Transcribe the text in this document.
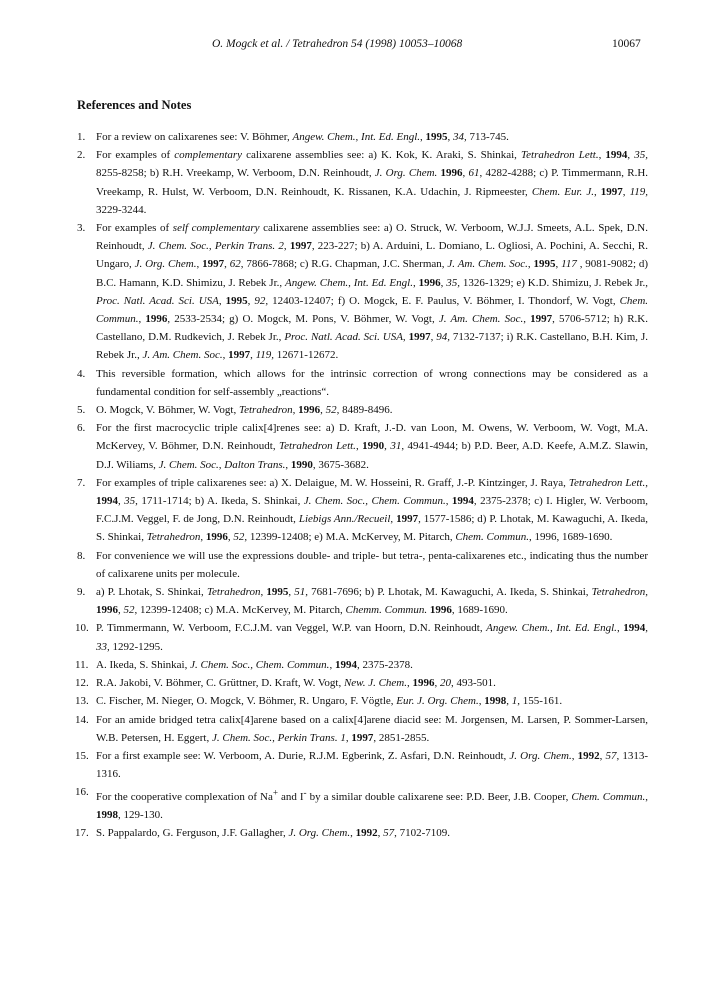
O. Mogck et al. / Tetrahedron 54 (1998) 10053–10068	10067
References and Notes
1. For a review on calixarenes see: V. Böhmer, Angew. Chem., Int. Ed. Engl., 1995, 34, 713-745.
2. For examples of complementary calixarene assemblies see: a) K. Kok, K. Araki, S. Shinkai, Tetrahedron Lett., 1994, 35, 8255-8258; b) R.H. Vreekamp, W. Verboom, D.N. Reinhoudt, J. Org. Chem. 1996, 61, 4282-4288; c) P. Timmermann, R.H. Vreekamp, R. Hulst, W. Verboom, D.N. Reinhoudt, K. Rissanen, K.A. Udachin, J. Ripmeester, Chem. Eur. J., 1997, 119, 3229-3244.
3. For examples of self complementary calixarene assemblies see: a) O. Struck, W. Verboom, W.J.J. Smeets, A.L. Spek, D.N. Reinhoudt, J. Chem. Soc., Perkin Trans. 2, 1997, 223-227; b) A. Arduini, L. Domiano, L. Ogliosi, A. Pochini, A. Secchi, R. Ungaro, J. Org. Chem., 1997, 62, 7866-7868; c) R.G. Chapman, J.C. Sherman, J. Am. Chem. Soc., 1995, 117 , 9081-9082; d) B.C. Hamann, K.D. Shimizu, J. Rebek Jr., Angew. Chem., Int. Ed. Engl., 1996, 35, 1326-1329; e) K.D. Shimizu, J. Rebek Jr., Proc. Natl. Acad. Sci. USA, 1995, 92, 12403-12407; f) O. Mogck, E. F. Paulus, V. Böhmer, I. Thondorf, W. Vogt, Chem. Commun., 1996, 2533-2534; g) O. Mogck, M. Pons, V. Böhmer, W. Vogt, J. Am. Chem. Soc., 1997, 5706-5712; h) R.K. Castellano, D.M. Rudkevich, J. Rebek Jr., Proc. Natl. Acad. Sci. USA, 1997, 94, 7132-7137; i) R.K. Castellano, B.H. Kim, J. Rebek Jr., J. Am. Chem. Soc., 1997, 119, 12671-12672.
4. This reversible formation, which allows for the intrinsic correction of wrong connections may be considered as a fundamental condition for self-assembly „reactions“.
5. O. Mogck, V. Böhmer, W. Vogt, Tetrahedron, 1996, 52, 8489-8496.
6. For the first macrocyclic triple calix[4]renes see: a) D. Kraft, J.-D. van Loon, M. Owens, W. Verboom, W. Vogt, M.A. McKervey, V. Böhmer, D.N. Reinhoudt, Tetrahedron Lett., 1990, 31, 4941-4944; b) P.D. Beer, A.D. Keefe, A.M.Z. Slawin, D.J. Wiliams, J. Chem. Soc., Dalton Trans., 1990, 3675-3682.
7. For examples of triple calixarenes see: a) X. Delaigue, M. W. Hosseini, R. Graff, J.-P. Kintzinger, J. Raya, Tetrahedron Lett., 1994, 35, 1711-1714; b) A. Ikeda, S. Shinkai, J. Chem. Soc., Chem. Commun., 1994, 2375-2378; c) I. Higler, W. Verboom, F.C.J.M. Veggel, F. de Jong, D.N. Reinhoudt, Liebigs Ann./Recueil, 1997, 1577-1586; d) P. Lhotak, M. Kawaguchi, A. Ikeda, S. Shinkai, Tetrahedron, 1996, 52, 12399-12408; e) M.A. McKervey, M. Pitarch, Chem. Commun., 1996, 1689-1690.
8. For convenience we will use the expressions double- and triple- but tetra-, penta-calixarenes etc., indicating thus the number of calixarene units per molecule.
9. a) P. Lhotak, S. Shinkai, Tetrahedron, 1995, 51, 7681-7696; b) P. Lhotak, M. Kawaguchi, A. Ikeda, S. Shinkai, Tetrahedron, 1996, 52, 12399-12408; c) M.A. McKervey, M. Pitarch, Chemm. Commun. 1996, 1689-1690.
10. P. Timmermann, W. Verboom, F.C.J.M. van Veggel, W.P. van Hoorn, D.N. Reinhoudt, Angew. Chem., Int. Ed. Engl., 1994, 33, 1292-1295.
11. A. Ikeda, S. Shinkai, J. Chem. Soc., Chem. Commun., 1994, 2375-2378.
12. R.A. Jakobi, V. Böhmer, C. Grüttner, D. Kraft, W. Vogt, New. J. Chem., 1996, 20, 493-501.
13. C. Fischer, M. Nieger, O. Mogck, V. Böhmer, R. Ungaro, F. Vögtle, Eur. J. Org. Chem., 1998, 1, 155-161.
14. For an amide bridged tetra calix[4]arene based on a calix[4]arene diacid see: M. Jorgensen, M. Larsen, P. Sommer-Larsen, W.B. Petersen, H. Eggert, J. Chem. Soc., Perkin Trans. 1, 1997, 2851-2855.
15. For a first example see: W. Verboom, A. Durie, R.J.M. Egberink, Z. Asfari, D.N. Reinhoudt, J. Org. Chem., 1992, 57, 1313-1316.
16. For the cooperative complexation of Na+ and I- by a similar double calixarene see: P.D. Beer, J.B. Cooper, Chem. Commun., 1998, 129-130.
17. S. Pappalardo, G. Ferguson, J.F. Gallagher, J. Org. Chem., 1992, 57, 7102-7109.
